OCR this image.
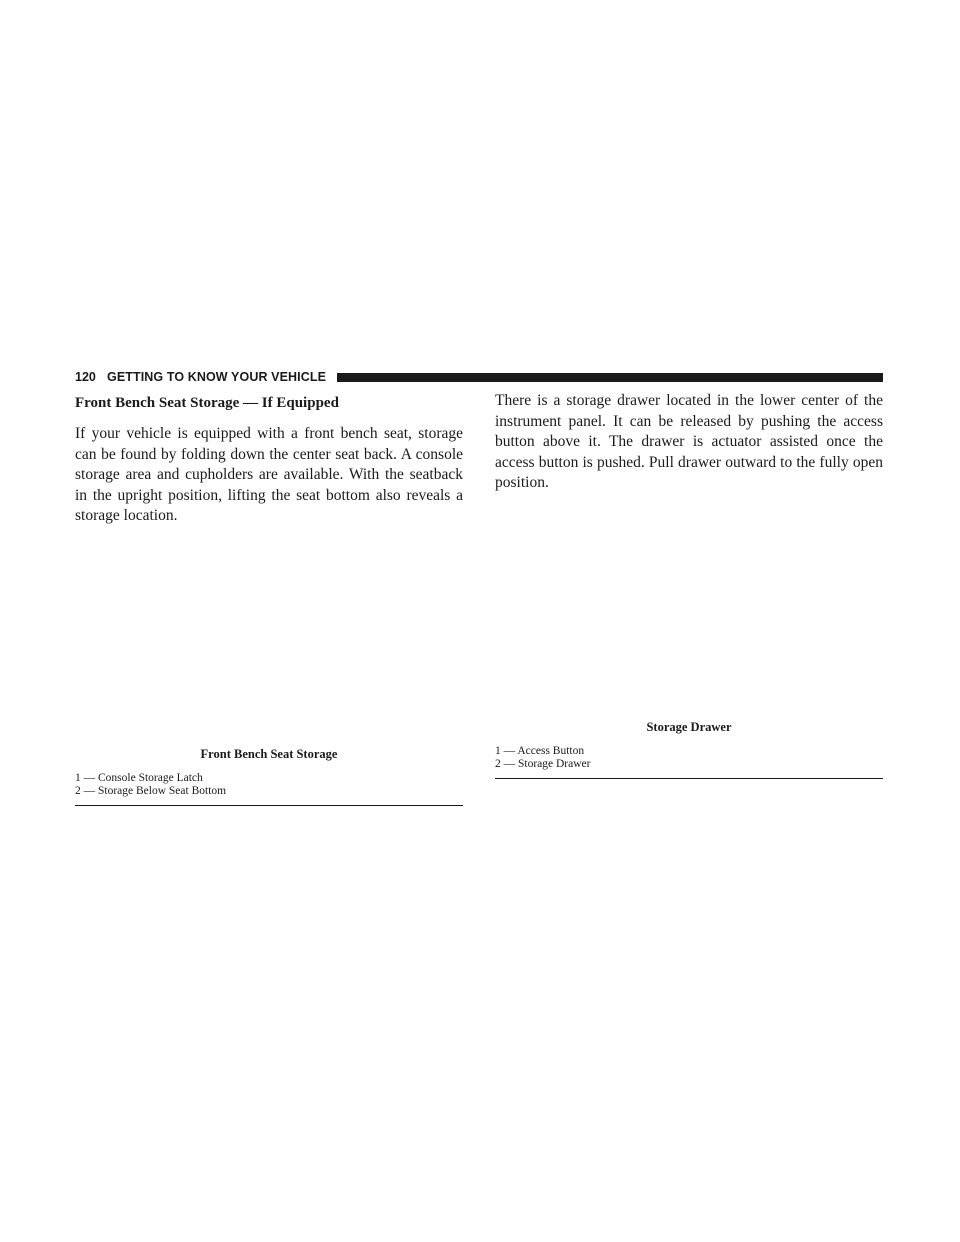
120 GETTING TO KNOW YOUR VEHICLE
Front Bench Seat Storage — If Equipped

If your vehicle is equipped with a front bench seat, storage can be found by folding down the center seat back. A console storage area and cupholders are available. With the seatback in the upright position, lifting the seat bottom also reveals a storage location.

Front Bench Seat Storage
1 — Console Storage Latch
2 — Storage Below Seat Bottom

There is a storage drawer located in the lower center of the instrument panel. It can be released by pushing the access button above it. The drawer is actuator assisted once the access button is pushed. Pull drawer outward to the fully open position.

Storage Drawer
1 — Access Button
2 — Storage Drawer
